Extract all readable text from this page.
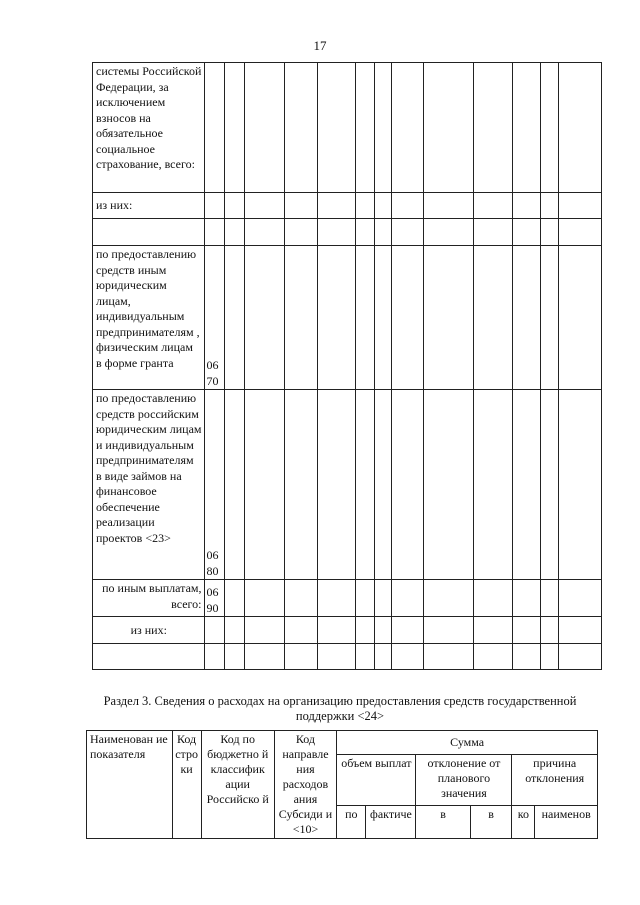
17
системы Российской Федерации, за исключением взносов на обязательное социальное страхование, всего:													
из них:													

по предоставлению средств иным юридическим лицам, индивидуальным предпринимателям , физическим лицам в форме гранта	06 70												
по предоставлению средств российским юридическим лицам и индивидуальным предпринимателям в виде займов на финансовое обеспечение реализации проектов <23>	06 80												
по иным выплатам, всего:	06 90												
из них:													

Раздел 3. Сведения о расходах на организацию предоставления средств государственной поддержки <24>
Наименован ие показателя	Код стро ки	Код по бюджетно й классифик ации Российско й	Код направле ния расходов ания Субсиди и <10>	Сумма					
				объем выплат		отклонение от планового значения		причина отклонения	
				по	фактиче	в	в	ко	наименов
